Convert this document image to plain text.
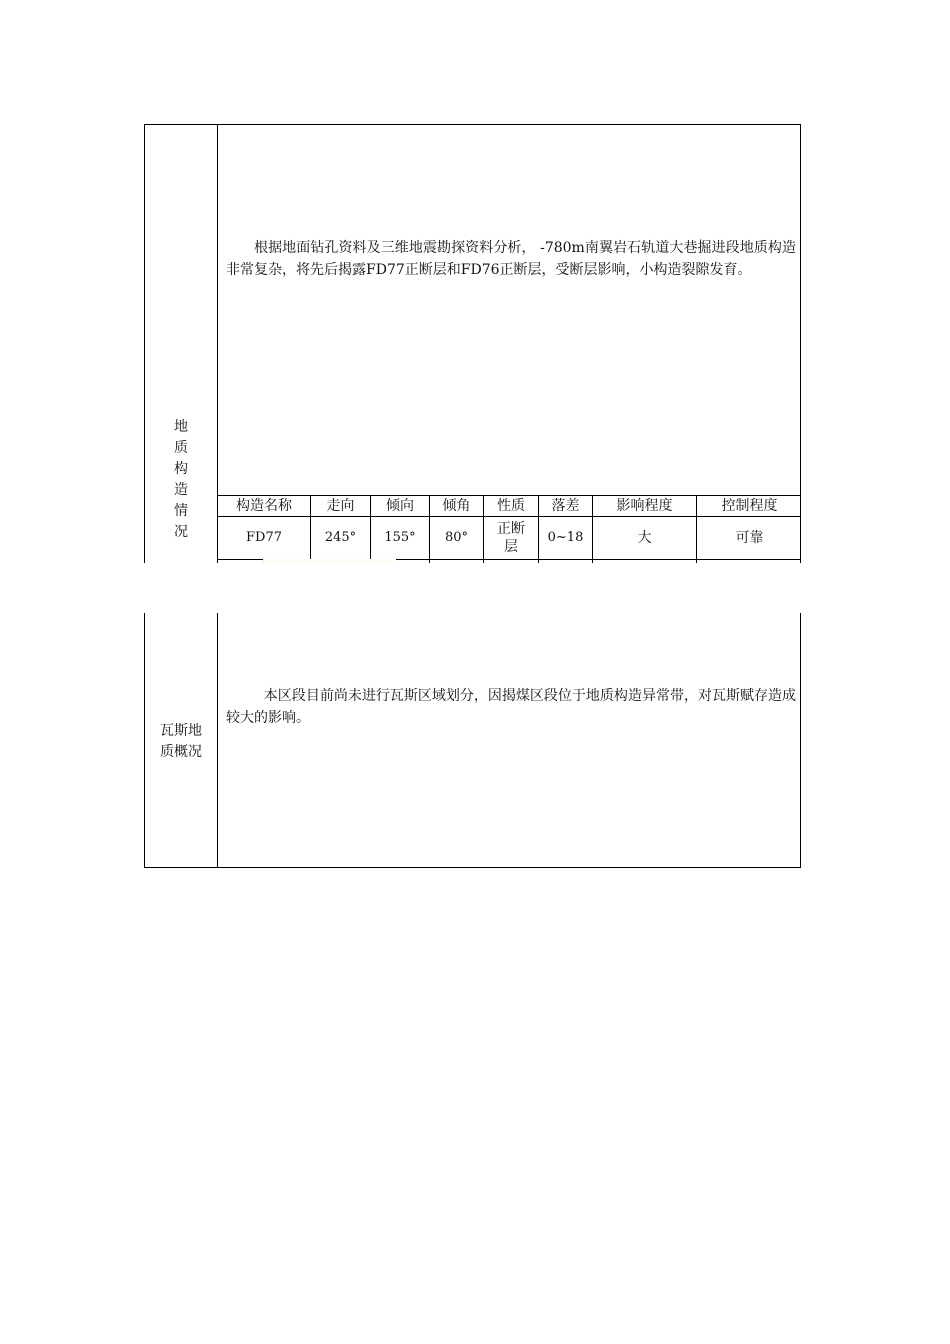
地
质
构
造
情
况

根据地面钻孔资料及三维地震勘探资料分析， -780m南翼岩石轨道大巷掘进段地质构造非常复杂，将先后揭露FD77正断层和FD76正断层，受断层影响，小构造裂隙发育。

构造名称	走向	倾向	倾角	性质	落差	影响程度	控制程度
FD77	245°	155°	80°	正断层	0~18	大	可靠

瓦斯地
质概况

本区段目前尚未进行瓦斯区域划分，因揭煤区段位于地质构造异常带，对瓦斯赋存造成较大的影响。
